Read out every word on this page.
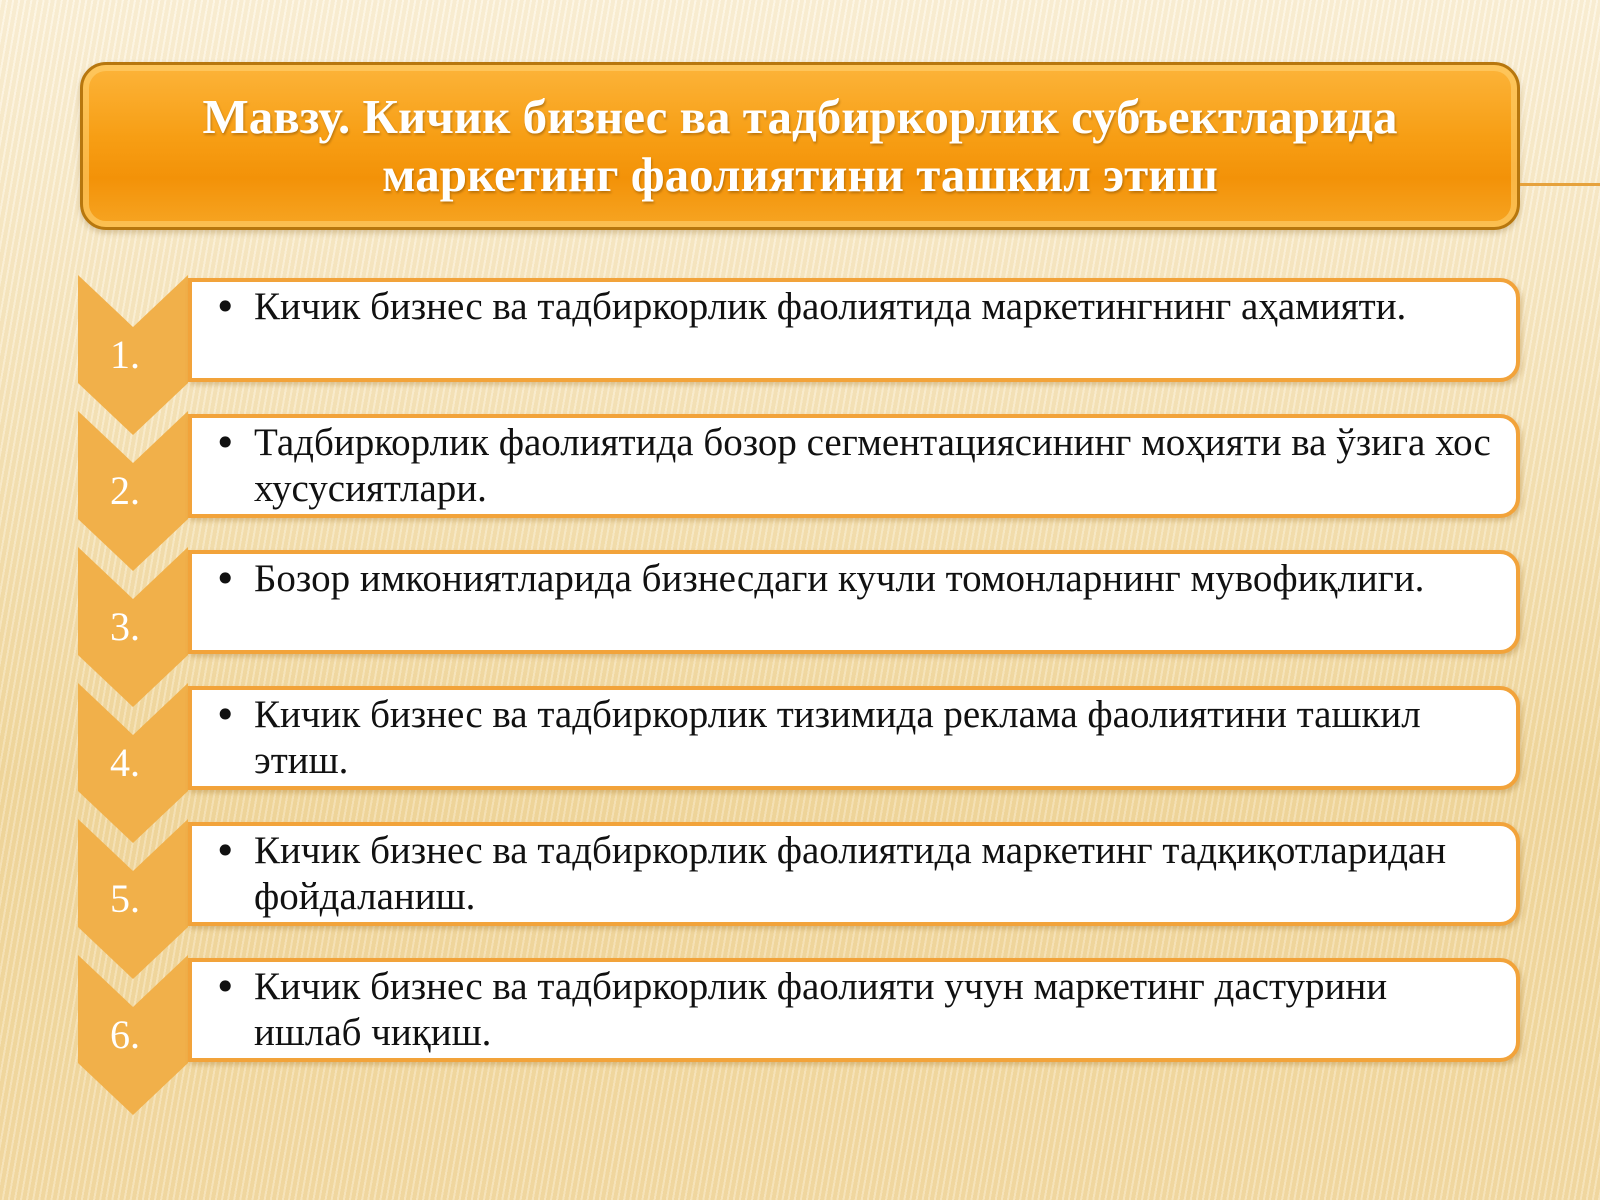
Мавзу. Кичик бизнес ва тадбиркорлик субъектларида маркетинг фаолиятини ташкил этиш
1.
• Кичик бизнес ва тадбиркорлик фаолиятида маркетингнинг аҳамияти.
2.
• Тадбиркорлик фаолиятида бозор сегментациясининг моҳияти ва ўзига хос хусусиятлари.
3.
• Бозор имкониятларида бизнесдаги кучли томонларнинг мувофиқлиги.
4.
• Кичик бизнес ва тадбиркорлик тизимида реклама фаолиятини ташкил этиш.
5.
• Кичик бизнес ва тадбиркорлик фаолиятида маркетинг тадқиқотларидан фойдаланиш.
6.
• Кичик бизнес ва тадбиркорлик фаолияти учун маркетинг дастурини ишлаб чиқиш.
